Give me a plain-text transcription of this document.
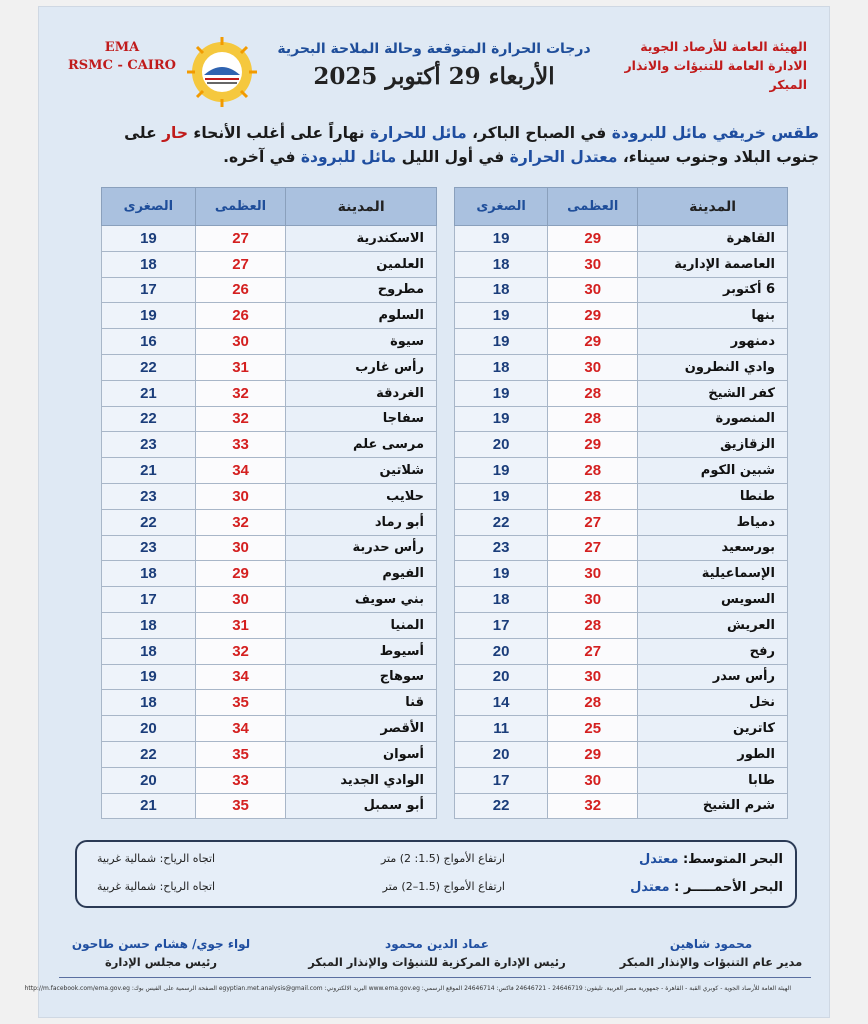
EMA
RSMC - CAIRO
درجات الحرارة المتوقعة وحالة الملاحة البحرية
الأربعاء 29 أكتوبر 2025
الهيئة العامة للأرصاد الجوية
الادارة العامة للتنبؤات والانذار المبكر
طقس خريفي مائل للبرودة في الصباح الباكر، مائل للحرارة نهاراً على أغلب الأنحاء حار على جنوب البلاد وجنوب سيناء، معتدل الحرارة في أول الليل مائل للبرودة في آخره.
المدينة	العظمى	الصغرى
القاهرة	29	19
العاصمة الإدارية	30	18
6 أكتوبر	30	18
بنها	29	19
دمنهور	29	19
وادي النطرون	30	18
كفر الشيخ	28	19
المنصورة	28	19
الزقازيق	29	20
شبين الكوم	28	19
طنطا	28	19
دمياط	27	22
بورسعيد	27	23
الإسماعيلية	30	19
السويس	30	18
العريش	28	17
رفح	27	20
رأس سدر	30	20
نخل	28	14
كاترين	25	11
الطور	29	20
طابا	30	17
شرم الشيخ	32	22
المدينة	العظمى	الصغرى
الاسكندرية	27	19
العلمين	27	18
مطروح	26	17
السلوم	26	19
سيوة	30	16
رأس غارب	31	22
الغردقة	32	21
سفاجا	32	22
مرسى علم	33	23
شلاتين	34	21
حلايب	30	23
أبو رماد	32	22
رأس حدربة	30	23
الفيوم	29	18
بني سويف	30	17
المنيا	31	18
أسيوط	32	18
سوهاج	34	19
قنا	35	18
الأقصر	34	20
أسوان	35	22
الوادي الجديد	33	20
أبو سمبل	35	21
البحر المتوسط: معتدل
ارتفاع الأمواج (1.5: 2) متر
اتجاه الرياح: شمالية غربية
البحر الأحمـــــر : معتدل
ارتفاع الأمواج (1.5–2) متر
اتجاه الرياح: شمالية غربية
محمود شاهين
مدير عام التنبؤات والإنذار المبكر
عماد الدين محمود
رئيس الإدارة المركزية للتنبؤات والإنذار المبكر
لواء جوي/ هشام حسن طاحون
رئيس مجلس الإدارة
الهيئة العامة للأرصاد الجوية - كوبري القبة - القاهرة - جمهورية مصر العربية. تليفون: 24646719 - 24646721 فاكس: 24646714 الموقع الرسمي: www.ema.gov.eg البريد الالكتروني: egyptian.met.analysis@gmail.com الصفحة الرسمية على الفيس بوك: http://m.facebook.com/ema.gov.eg
